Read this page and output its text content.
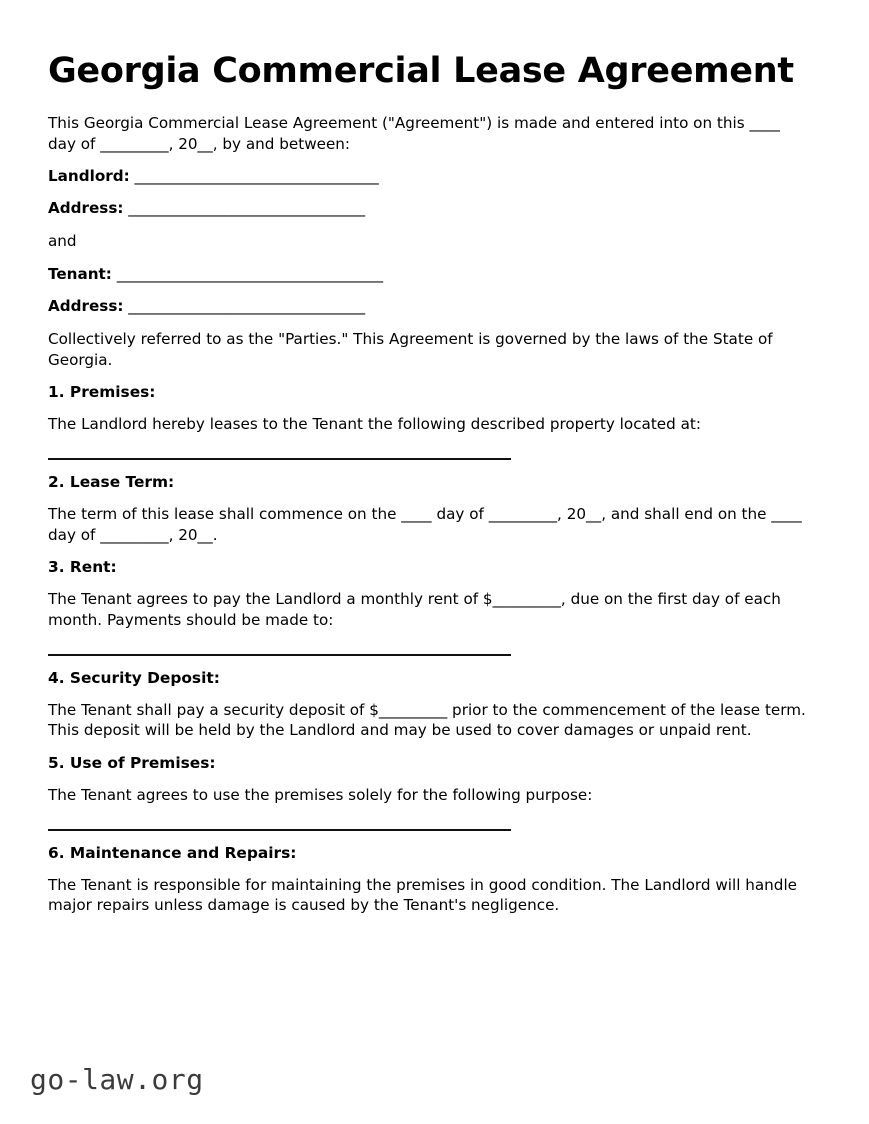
Georgia Commercial Lease Agreement

This Georgia Commercial Lease Agreement ("Agreement") is made and entered into on this ____ day of _________, 20__, by and between:

Landlord: _________________________________
Address: ________________________________
and
Tenant: ____________________________________
Address: ________________________________

Collectively referred to as the "Parties." This Agreement is governed by the laws of the State of Georgia.

1. Premises:

The Landlord hereby leases to the Tenant the following described property located at:

2. Lease Term:

The term of this lease shall commence on the ____ day of _________, 20__, and shall end on the ____ day of _________, 20__.

3. Rent:

The Tenant agrees to pay the Landlord a monthly rent of $_________, due on the first day of each month. Payments should be made to:

4. Security Deposit:

The Tenant shall pay a security deposit of $_________ prior to the commencement of the lease term. This deposit will be held by the Landlord and may be used to cover damages or unpaid rent.

5. Use of Premises:

The Tenant agrees to use the premises solely for the following purpose:

6. Maintenance and Repairs:

The Tenant is responsible for maintaining the premises in good condition. The Landlord will handle major repairs unless damage is caused by the Tenant's negligence.

go-law.org
